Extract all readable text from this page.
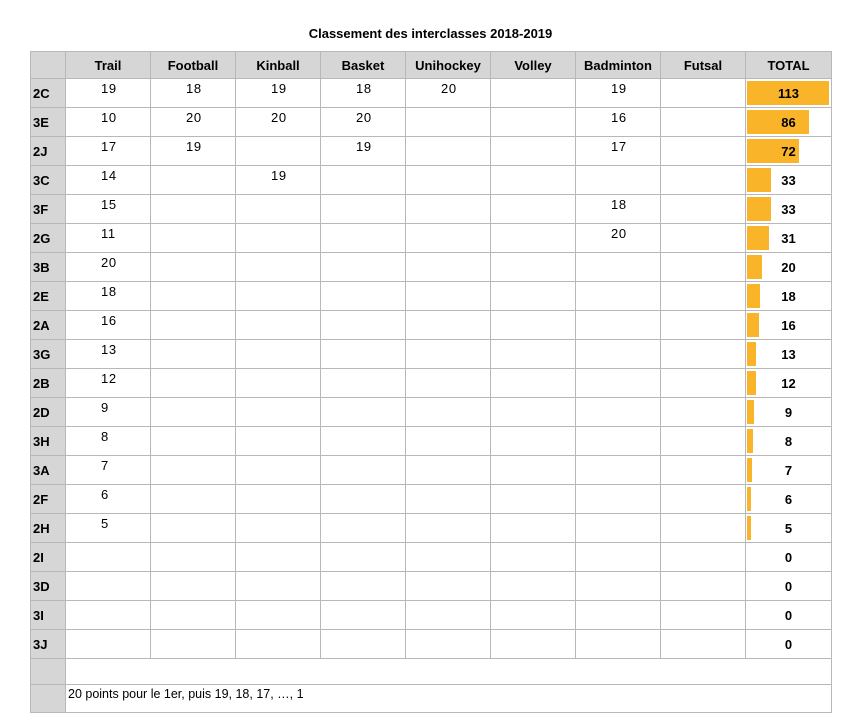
Classement des interclasses 2018-2019
	Trail	Football	Kinball	Basket	Unihockey	Volley	Badminton	Futsal	TOTAL
2C	19	18	19	18	20		19		113
3E	10	20	20	20			16		86
2J	17	19		19			17		72
3C	14		19						33
3F	15						18		33
2G	11						20		31
3B	20								20
2E	18								18
2A	16								16
3G	13								13
2B	12								12
2D	9								9
3H	8								8
3A	7								7
2F	6								6
2H	5								5
2I									0
3D									0
3I									0
3J									0

	20 points pour le 1er, puis 19, 18, 17, …, 1								
